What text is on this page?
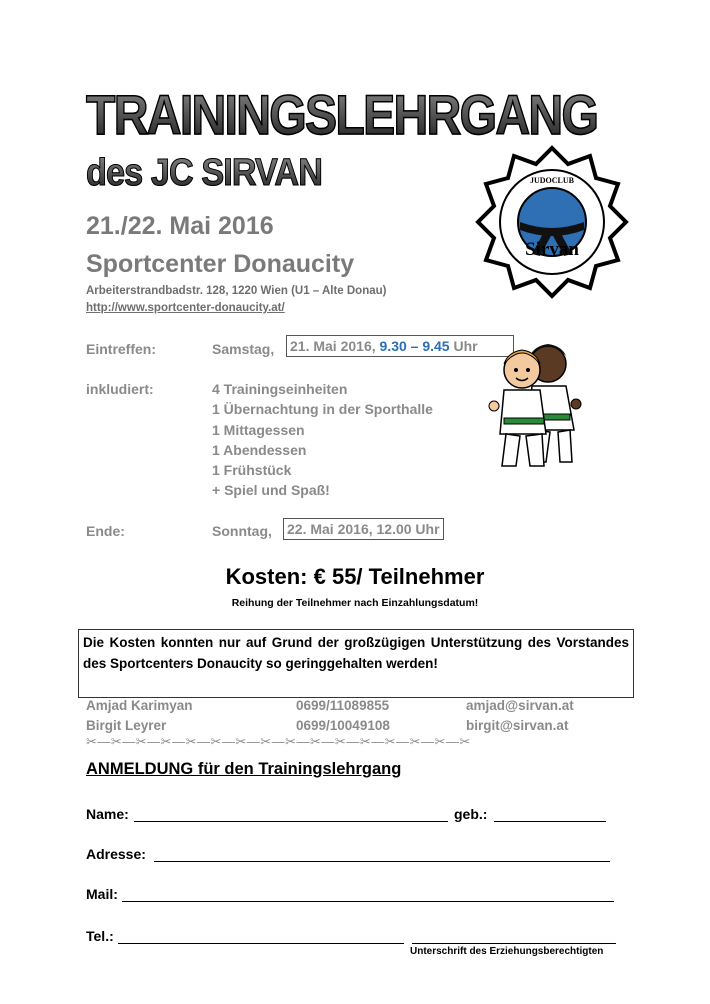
TRAININGSLEHRGANG
des JC SIRVAN
21./22. Mai 2016
Sportcenter Donaucity
Arbeiterstrandbadstr. 128, 1220 Wien (U1 – Alte Donau)
http://www.sportcenter-donaucity.at/
JUDOCLUB
Sirvan
Eintreffen:	Samstag, 21. Mai 2016, 9.30 – 9.45 Uhr
inkludiert:	4 Trainingseinheiten
1 Übernachtung in der Sporthalle
1 Mittagessen
1 Abendessen
1 Frühstück
+ Spiel und Spaß!
Ende:	Sonntag, 22. Mai 2016, 12.00 Uhr
Kosten: € 55/ Teilnehmer
Reihung der Teilnehmer nach Einzahlungsdatum!
Die Kosten konnten nur auf Grund der großzügigen Unterstützung des Vorstandes des Sportcenters Donaucity so geringgehalten werden!
Amjad Karimyan	0699/11089855	amjad@sirvan.at
Birgit Leyrer	0699/10049108	birgit@sirvan.at
✂—✂—✂—✂—✂—✂—✂—✂—✂—✂—✂—✂—✂—✂—✂—✂
ANMELDUNG für den Trainingslehrgang
Name:	geb.:
Adresse:
Mail:
Tel.:
Unterschrift des Erziehungsberechtigten
